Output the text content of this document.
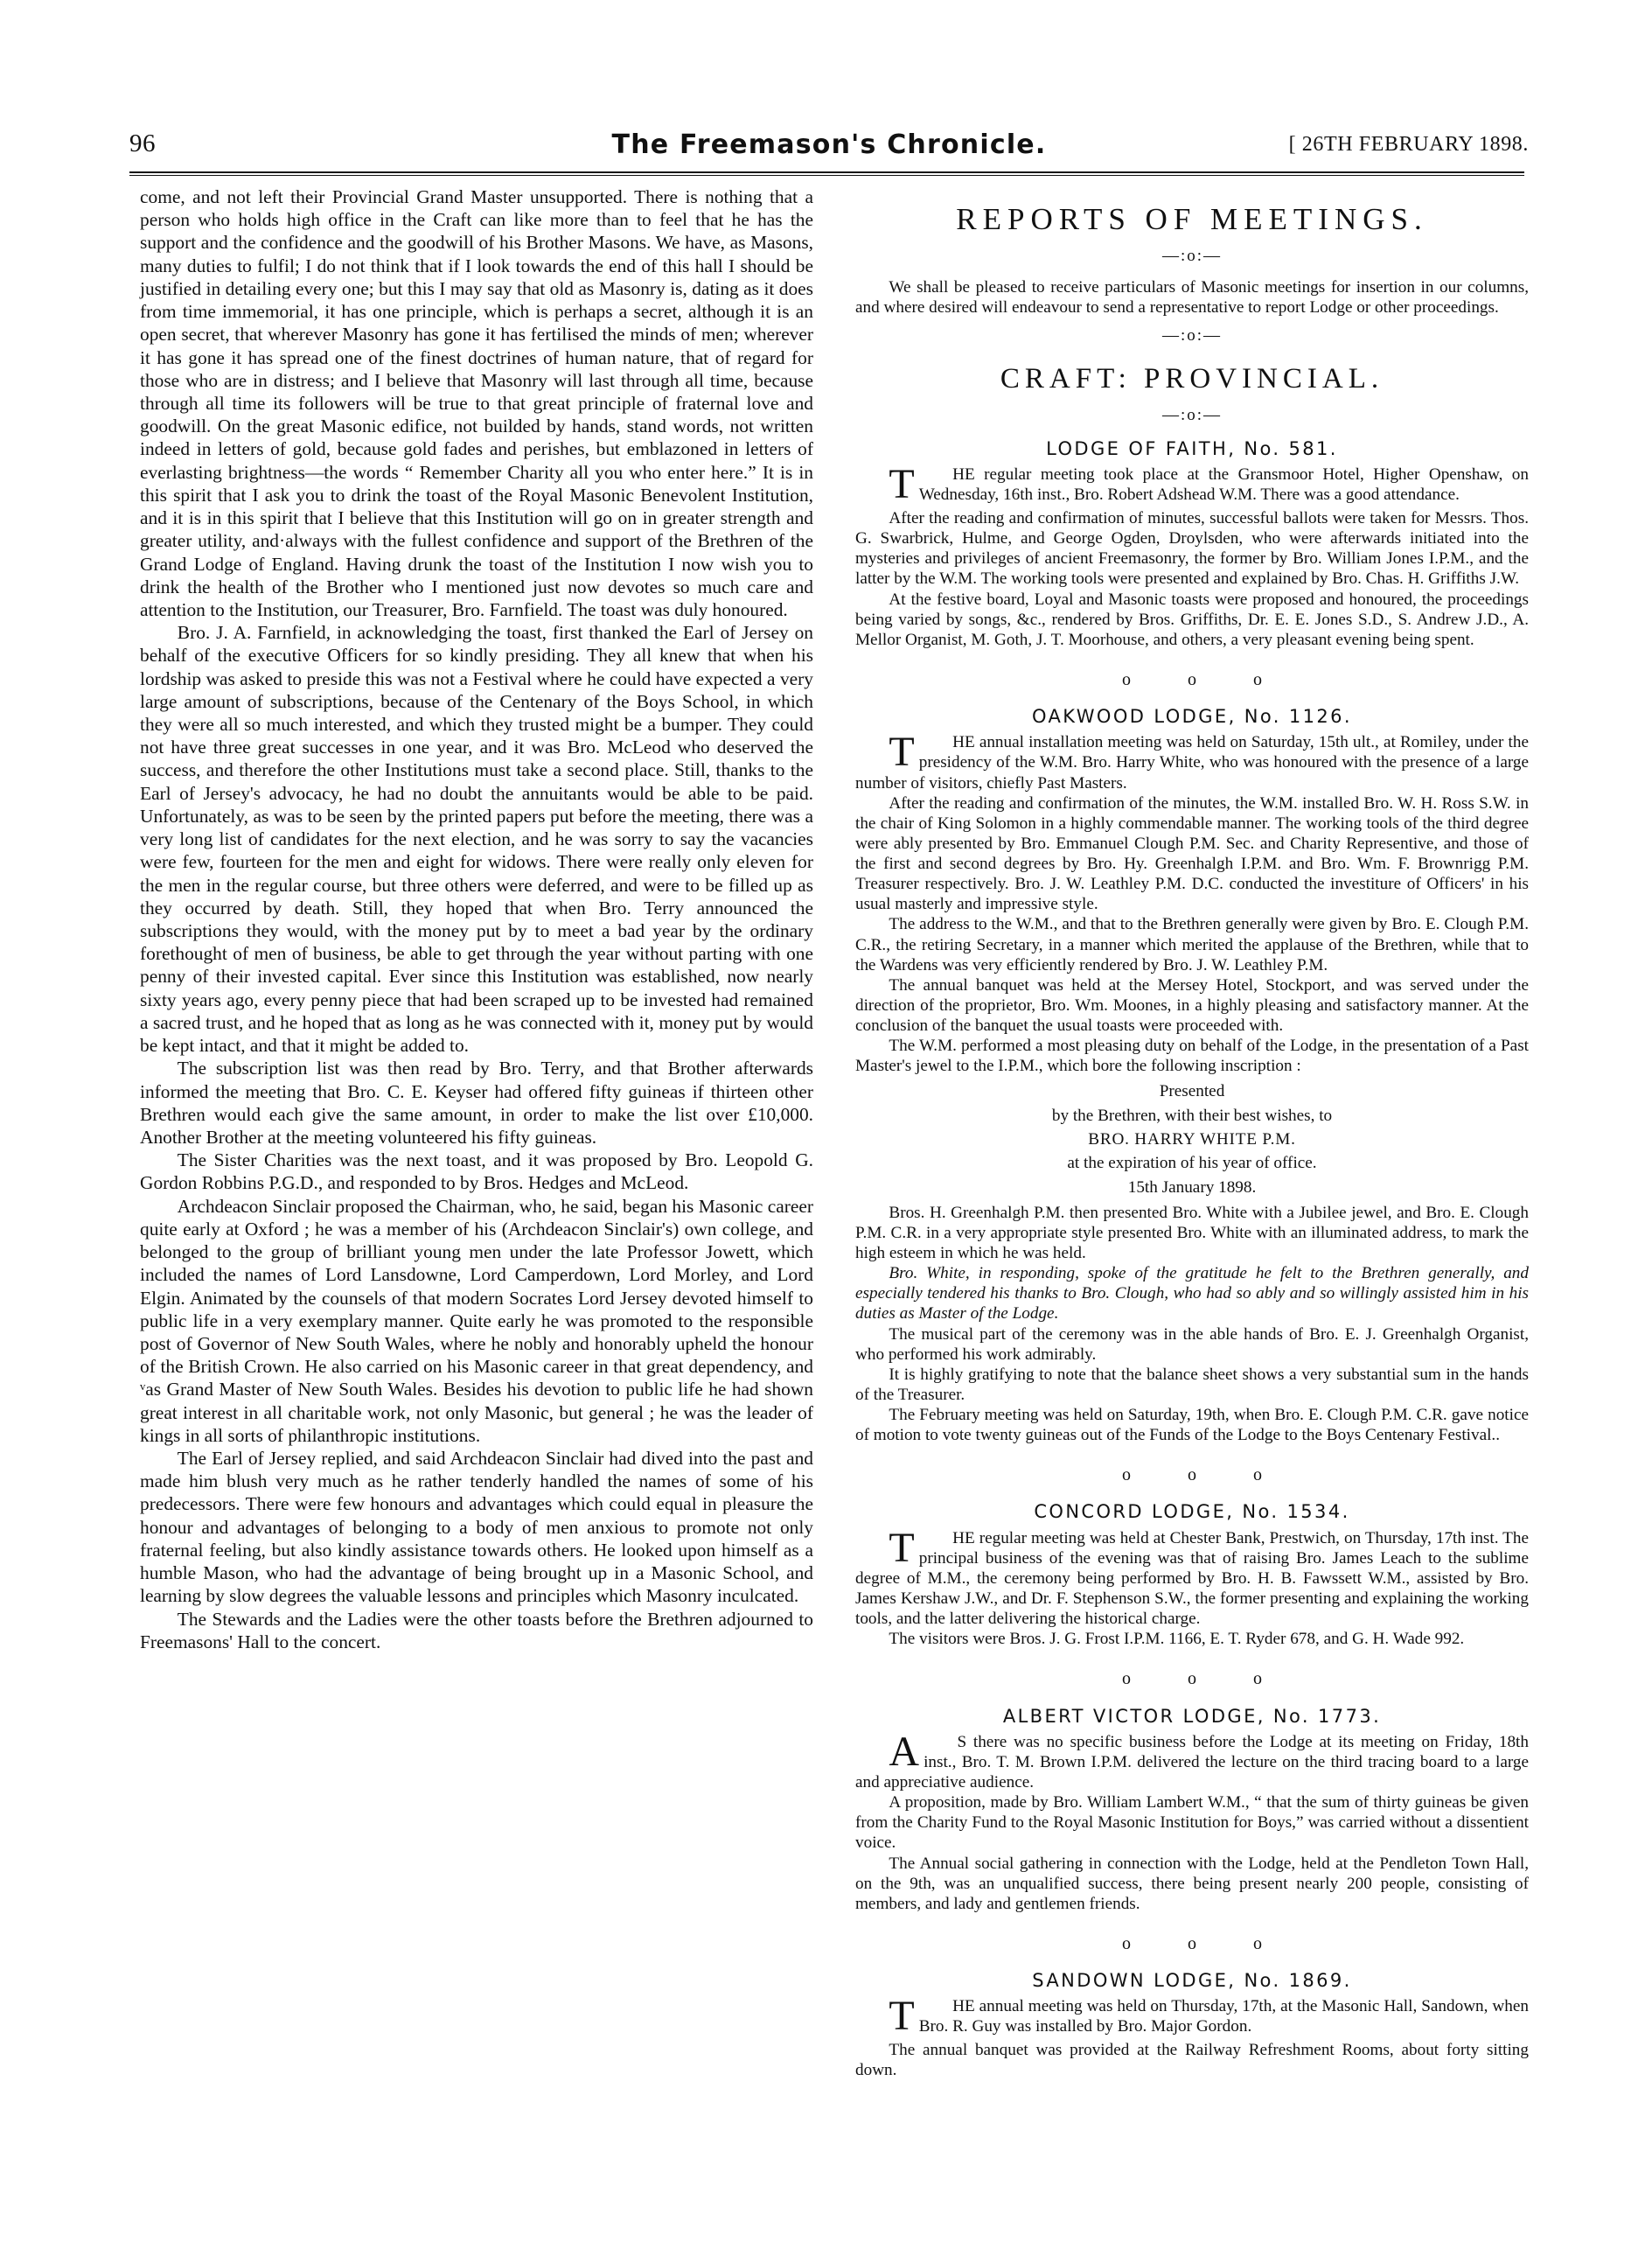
96	The Freemason's Chronicle.	[ 26TH FEBRUARY 1898.

come, and not left their Provincial Grand Master unsupported. There is nothing that a person who holds high office in the Craft can like more than to feel that he has the support and the confidence and the goodwill of his Brother Masons. We have, as Masons, many duties to fulfil; I do not think that if I look towards the end of this hall I should be justified in detailing every one; but this I may say that old as Masonry is, dating as it does from time immemorial, it has one principle, which is perhaps a secret, although it is an open secret, that wherever Masonry has gone it has fertilised the minds of men; wherever it has gone it has spread one of the finest doctrines of human nature, that of regard for those who are in distress; and I believe that Masonry will last through all time, because through all time its followers will be true to that great principle of fraternal love and goodwill. On the great Masonic edifice, not builded by hands, stand words, not written indeed in letters of gold, because gold fades and perishes, but emblazoned in letters of everlasting brightness—the words “ Remember Charity all you who enter here.” It is in this spirit that I ask you to drink the toast of the Royal Masonic Benevolent Institution, and it is in this spirit that I believe that this Institution will go on in greater strength and greater utility, and·always with the fullest confidence and support of the Brethren of the Grand Lodge of England. Having drunk the toast of the Institution I now wish you to drink the health of the Brother who I mentioned just now devotes so much care and attention to the Institution, our Treasurer, Bro. Farnfield. The toast was duly honoured.

Bro. J. A. Farnfield, in acknowledging the toast, first thanked the Earl of Jersey on behalf of the executive Officers for so kindly presiding. They all knew that when his lordship was asked to preside this was not a Festival where he could have expected a very large amount of subscriptions, because of the Centenary of the Boys School, in which they were all so much interested, and which they trusted might be a bumper. They could not have three great successes in one year, and it was Bro. McLeod who deserved the success, and therefore the other Institutions must take a second place. Still, thanks to the Earl of Jersey's advocacy, he had no doubt the annuitants would be able to be paid. Unfortunately, as was to be seen by the printed papers put before the meeting, there was a very long list of candidates for the next election, and he was sorry to say the vacancies were few, fourteen for the men and eight for widows. There were really only eleven for the men in the regular course, but three others were deferred, and were to be filled up as they occurred by death. Still, they hoped that when Bro. Terry announced the subscriptions they would, with the money put by to meet a bad year by the ordinary forethought of men of business, be able to get through the year without parting with one penny of their invested capital. Ever since this Institution was established, now nearly sixty years ago, every penny piece that had been scraped up to be invested had remained a sacred trust, and he hoped that as long as he was connected with it, money put by would be kept intact, and that it might be added to.

The subscription list was then read by Bro. Terry, and that Brother afterwards informed the meeting that Bro. C. E. Keyser had offered fifty guineas if thirteen other Brethren would each give the same amount, in order to make the list over £10,000. Another Brother at the meeting volunteered his fifty guineas.

The Sister Charities was the next toast, and it was proposed by Bro. Leopold G. Gordon Robbins P.G.D., and responded to by Bros. Hedges and McLeod.

Archdeacon Sinclair proposed the Chairman, who, he said, began his Masonic career quite early at Oxford ; he was a member of his (Archdeacon Sinclair's) own college, and belonged to the group of brilliant young men under the late Professor Jowett, which included the names of Lord Lansdowne, Lord Camperdown, Lord Morley, and Lord Elgin. Animated by the counsels of that modern Socrates Lord Jersey devoted himself to public life in a very exemplary manner. Quite early he was promoted to the responsible post of Governor of New South Wales, where he nobly and honorably upheld the honour of the British Crown. He also carried on his Masonic career in that great dependency, and ᵛas Grand Master of New South Wales. Besides his devotion to public life he had shown great interest in all charitable work, not only Masonic, but general ; he was the leader of kings in all sorts of philanthropic institutions.

The Earl of Jersey replied, and said Archdeacon Sinclair had dived into the past and made him blush very much as he rather tenderly handled the names of some of his predecessors. There were few honours and advantages which could equal in pleasure the honour and advantages of belonging to a body of men anxious to promote not only fraternal feeling, but also kindly assistance towards others. He looked upon himself as a humble Mason, who had the advantage of being brought up in a Masonic School, and learning by slow degrees the valuable lessons and principles which Masonry inculcated.

The Stewards and the Ladies were the other toasts before the Brethren adjourned to Freemasons' Hall to the concert.

REPORTS OF MEETINGS.
—:o:—

We shall be pleased to receive particulars of Masonic meetings for insertion in our columns, and where desired will endeavour to send a representative to report Lodge or other proceedings.

—:o:—
CRAFT: PROVINCIAL.
—:o:—
LODGE OF FAITH, No. 581.

T HE regular meeting took place at the Gransmoor Hotel, Higher Openshaw, on Wednesday, 16th inst., Bro. Robert Adshead W.M. There was a good attendance.

After the reading and confirmation of minutes, successful ballots were taken for Messrs. Thos. G. Swarbrick, Hulme, and George Ogden, Droylsden, who were afterwards initiated into the mysteries and privileges of ancient Freemasonry, the former by Bro. William Jones I.P.M., and the latter by the W.M. The working tools were presented and explained by Bro. Chas. H. Griffiths J.W.

At the festive board, Loyal and Masonic toasts were proposed and honoured, the proceedings being varied by songs, &c., rendered by Bros. Griffiths, Dr. E. E. Jones S.D., S. Andrew J.D., A. Mellor Organist, M. Goth, J. T. Moorhouse, and others, a very pleasant evening being spent.

o o o
OAKWOOD LODGE, No. 1126.

T HE annual installation meeting was held on Saturday, 15th ult., at Romiley, under the presidency of the W.M. Bro. Harry White, who was honoured with the presence of a large number of visitors, chiefly Past Masters.

After the reading and confirmation of the minutes, the W.M. installed Bro. W. H. Ross S.W. in the chair of King Solomon in a highly commendable manner. The working tools of the third degree were ably presented by Bro. Emmanuel Clough P.M. Sec. and Charity Representive, and those of the first and second degrees by Bro. Hy. Greenhalgh I.P.M. and Bro. Wm. F. Brownrigg P.M. Treasurer respectively. Bro. J. W. Leathley P.M. D.C. conducted the investiture of Officers' in his usual masterly and impressive style.

The address to the W.M., and that to the Brethren generally were given by Bro. E. Clough P.M. C.R., the retiring Secretary, in a manner which merited the applause of the Brethren, while that to the Wardens was very efficiently rendered by Bro. J. W. Leathley P.M.

The annual banquet was held at the Mersey Hotel, Stockport, and was served under the direction of the proprietor, Bro. Wm. Moones, in a highly pleasing and satisfactory manner. At the conclusion of the banquet the usual toasts were proceeded with.

The W.M. performed a most pleasing duty on behalf of the Lodge, in the presentation of a Past Master's jewel to the I.P.M., which bore the following inscription :

Presented
by the Brethren, with their best wishes, to
BRO. HARRY WHITE P.M.
at the expiration of his year of office.
15th January 1898.

Bros. H. Greenhalgh P.M. then presented Bro. White with a Jubilee jewel, and Bro. E. Clough P.M. C.R. in a very appropriate style presented Bro. White with an illuminated address, to mark the high esteem in which he was held.

Bro. White, in responding, spoke of the gratitude he felt to the Brethren generally, and especially tendered his thanks to Bro. Clough, who had so ably and so willingly assisted him in his duties as Master of the Lodge.

The musical part of the ceremony was in the able hands of Bro. E. J. Greenhalgh Organist, who performed his work admirably.

It is highly gratifying to note that the balance sheet shows a very substantial sum in the hands of the Treasurer.

The February meeting was held on Saturday, 19th, when Bro. E. Clough P.M. C.R. gave notice of motion to vote twenty guineas out of the Funds of the Lodge to the Boys Centenary Festival..

o o o
CONCORD LODGE, No. 1534.

T HE regular meeting was held at Chester Bank, Prestwich, on Thursday, 17th inst. The principal business of the evening was that of raising Bro. James Leach to the sublime degree of M.M., the ceremony being performed by Bro. H. B. Fawssett W.M., assisted by Bro. James Kershaw J.W., and Dr. F. Stephenson S.W., the former presenting and explaining the working tools, and the latter delivering the historical charge.

The visitors were Bros. J. G. Frost I.P.M. 1166, E. T. Ryder 678, and G. H. Wade 992.

o o o
ALBERT VICTOR LODGE, No. 1773.

A S there was no specific business before the Lodge at its meeting on Friday, 18th inst., Bro. T. M. Brown I.P.M. delivered the lecture on the third tracing board to a large and appreciative audience.

A proposition, made by Bro. William Lambert W.M., “ that the sum of thirty guineas be given from the Charity Fund to the Royal Masonic Institution for Boys,” was carried without a dissentient voice.

The Annual social gathering in connection with the Lodge, held at the Pendleton Town Hall, on the 9th, was an unqualified success, there being present nearly 200 people, consisting of members, and lady and gentlemen friends.

o o o
SANDOWN LODGE, No. 1869.

T HE annual meeting was held on Thursday, 17th, at the Masonic Hall, Sandown, when Bro. R. Guy was installed by Bro. Major Gordon.

The annual banquet was provided at the Railway Refreshment Rooms, about forty sitting down.
